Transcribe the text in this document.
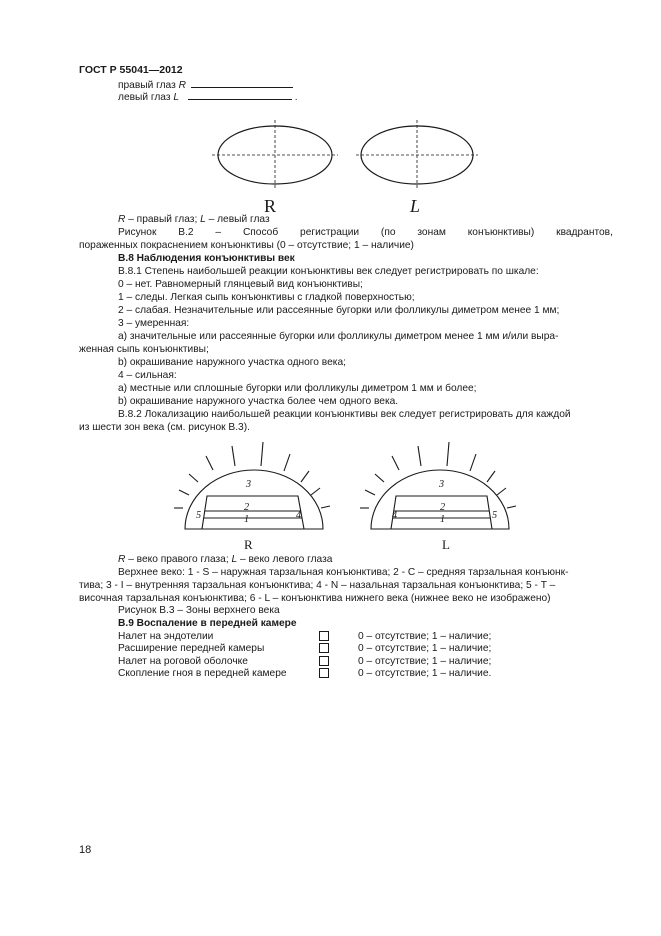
ГОСТ Р 55041—2012
правый глаз R
левый глаз L	.
R	L
R – правый глаз; L – левый глаз
Рисунок В.2 – Способ регистрации (по зонам конъюнктивы) квадрантов,
пораженных покраснением конъюнктивы (0 – отсутствие; 1 – наличие)
В.8 Наблюдения конъюнктивы век
В.8.1 Степень наибольшей реакции конъюнктивы век следует регистрировать по шкале:
0 – нет. Равномерный глянцевый вид конъюнктивы;
1 – следы. Легкая сыпь конъюнктивы с гладкой поверхностью;
2 – слабая. Незначительные или рассеянные бугорки или фолликулы диметром менее 1 мм;
3 – умеренная:
а) значительные или рассеянные бугорки или фолликулы диметром менее 1 мм и/или выра-
женная сыпь конъюнктивы;
b) окрашивание наружного участка одного века;
4 – сильная:
а) местные или сплошные бугорки или фолликулы диметром 1 мм и более;
b) окрашивание наружного участка более чем одного века.
В.8.2 Локализацию наибольшей реакции конъюнктивы век следует регистрировать для каждой
из шести зон века (см. рисунок В.3).
3
2
1
5	4
R
3
2
1
4	5
L
R – веко правого глаза; L – веко левого глаза
Верхнее веко: 1 - S – наружная тарзальная конъюнктива; 2 - C – средняя тарзальная конъюнк-
тива; 3 - I – внутренняя тарзальная конъюнктива; 4 - N – назальная тарзальная конъюнктива; 5 - T –
височная тарзальная конъюнктива; 6 - L – конъюнктива нижнего века (нижнее веко не изображено)
Рисунок В.3 – Зоны верхнего века
В.9 Воспаление в передней камере
Налет на эндотелии	0 – отсутствие; 1 – наличие;
Расширение передней камеры	0 – отсутствие; 1 – наличие;
Налет на роговой оболочке	0 – отсутствие; 1 – наличие;
Скопление гноя в передней камере	0 – отсутствие; 1 – наличие.
18
